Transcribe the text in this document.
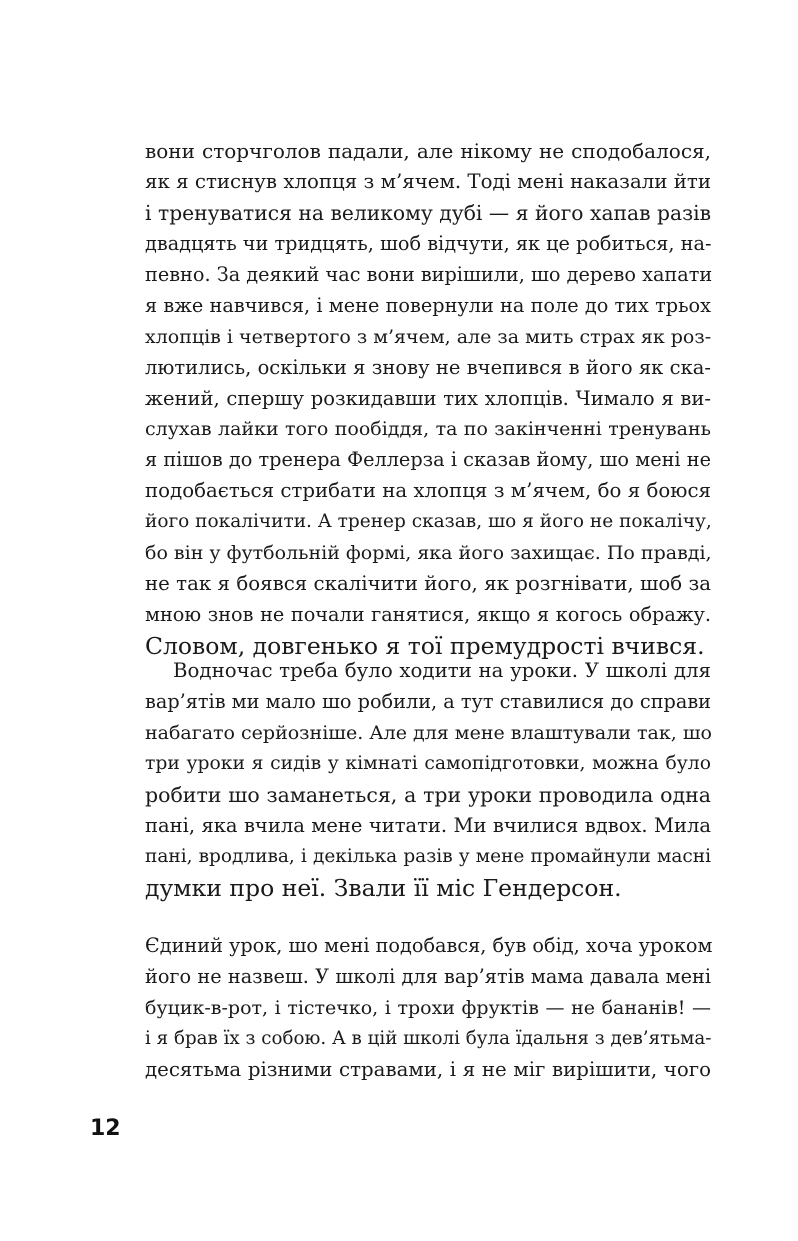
вони сторчголов падали, але нікому не сподобалося,
як я стиснув хлопця з м’ячем. Тоді мені наказали йти
і тренуватися на великому дубі — я його хапав разів
двадцять чи тридцять, шоб відчути, як це робиться, на-
певно. За деякий час вони вирішили, шо дерево хапати
я вже навчився, і мене повернули на поле до тих трьох
хлопців і четвертого з м’ячем, але за мить страх як роз-
лютились, оскільки я знову не вчепився в його як ска-
жений, спершу розкидавши тих хлопців. Чимало я ви-
слухав лайки того пообіддя, та по закінченні тренувань
я пішов до тренера Феллерза і сказав йому, шо мені не
подобається стрибати на хлопця з м’ячем, бо я боюся
його покалічити. А тренер сказав, шо я його не покалічу,
бо він у футбольній формі, яка його захищає. По правді,
не так я боявся скалічити його, як розгнівати, шоб за
мною знов не почали ганятися, якщо я когось ображу.
Словом, довгенько я тої премудрості вчився.

Водночас треба було ходити на уроки. У школі для
вар’ятів ми мало шо робили, а тут ставилися до справи
набагато серйозніше. Але для мене влаштували так, шо
три уроки я сидів у кімнаті самопідготовки, можна було
робити шо заманеться, а три уроки проводила одна
пані, яка вчила мене читати. Ми вчилися вдвох. Мила
пані, вродлива, і декілька разів у мене промайнули масні
думки про неї. Звали її міс Гендерсон.

Єдиний урок, шо мені подобався, був обід, хоча уроком
його не назвеш. У школі для вар’ятів мама давала мені
буцик-в-рот, і тістечко, і трохи фруктів — не бананів! —
і я брав їх з собою. А в цій школі була їдальня з дев’ятьма-
десятьма різними стравами, і я не міг вирішити, чого

12
